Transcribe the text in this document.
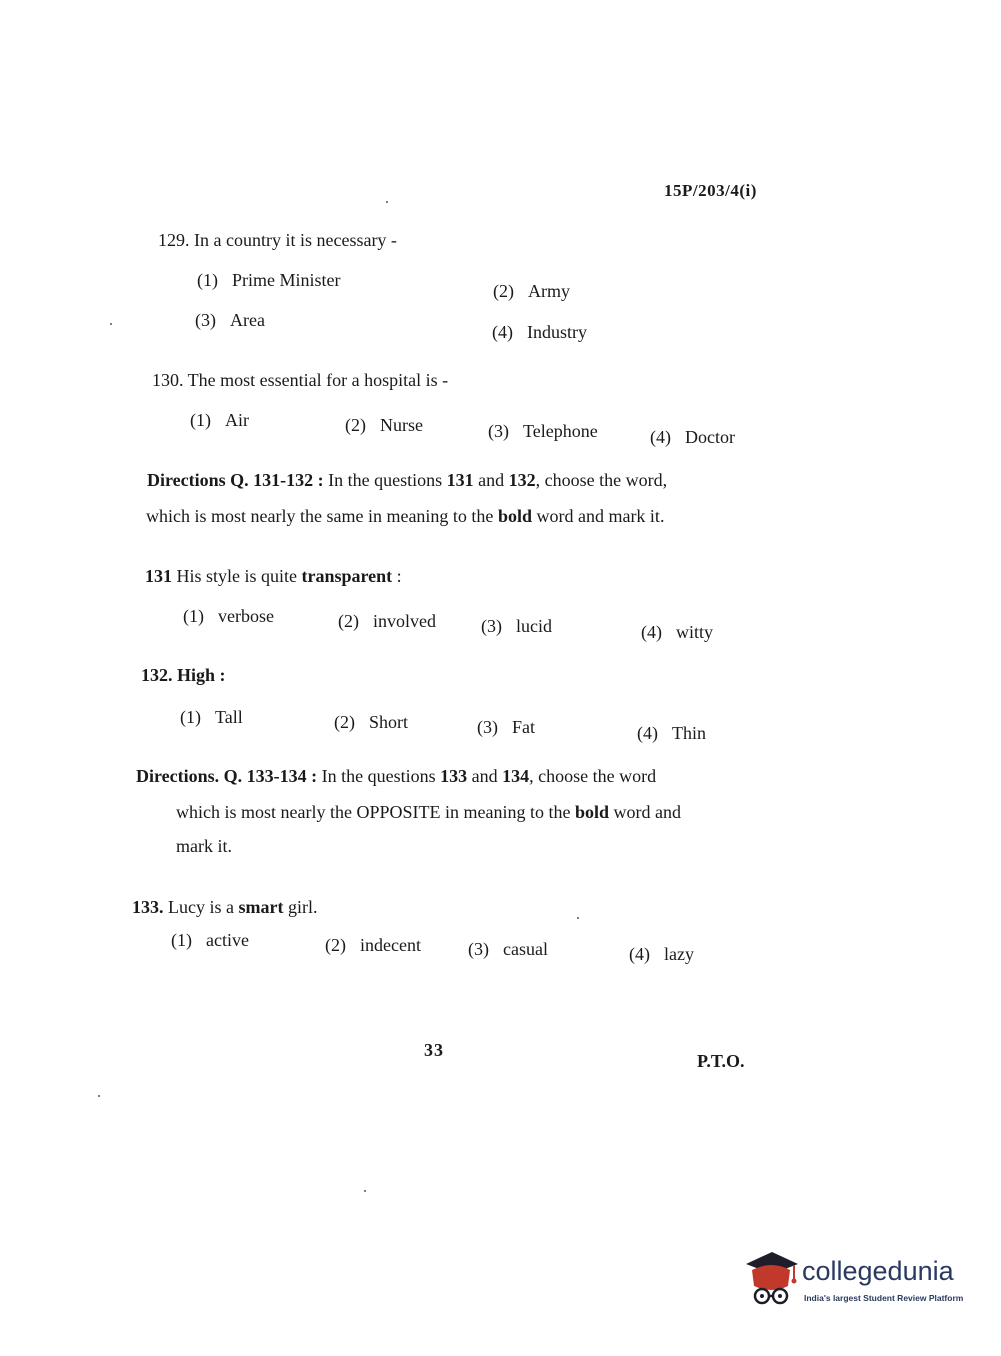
15P/203/4(i)
129. In a country it is necessary -
(1) Prime Minister
(2) Army
(3) Area
(4) Industry
130. The most essential for a hospital is -
(1) Air	(2) Nurse	(3) Telephone	(4) Doctor
Directions Q. 131-132 : In the questions 131 and 132, choose the word,
which is most nearly the same in meaning to the bold word and mark it.
131 His style is quite transparent :
(1) verbose	(2) involved	(3) lucid	(4) witty
132. High :
(1) Tall	(2) Short	(3) Fat	(4) Thin
Directions. Q. 133-134 : In the questions 133 and 134, choose the word
which is most nearly the OPPOSITE in meaning to the bold word and
mark it.
133. Lucy is a smart girl.
(1) active	(2) indecent	(3) casual	(4) lazy
33
P.T.O.
collegedunia
India's largest Student Review Platform
